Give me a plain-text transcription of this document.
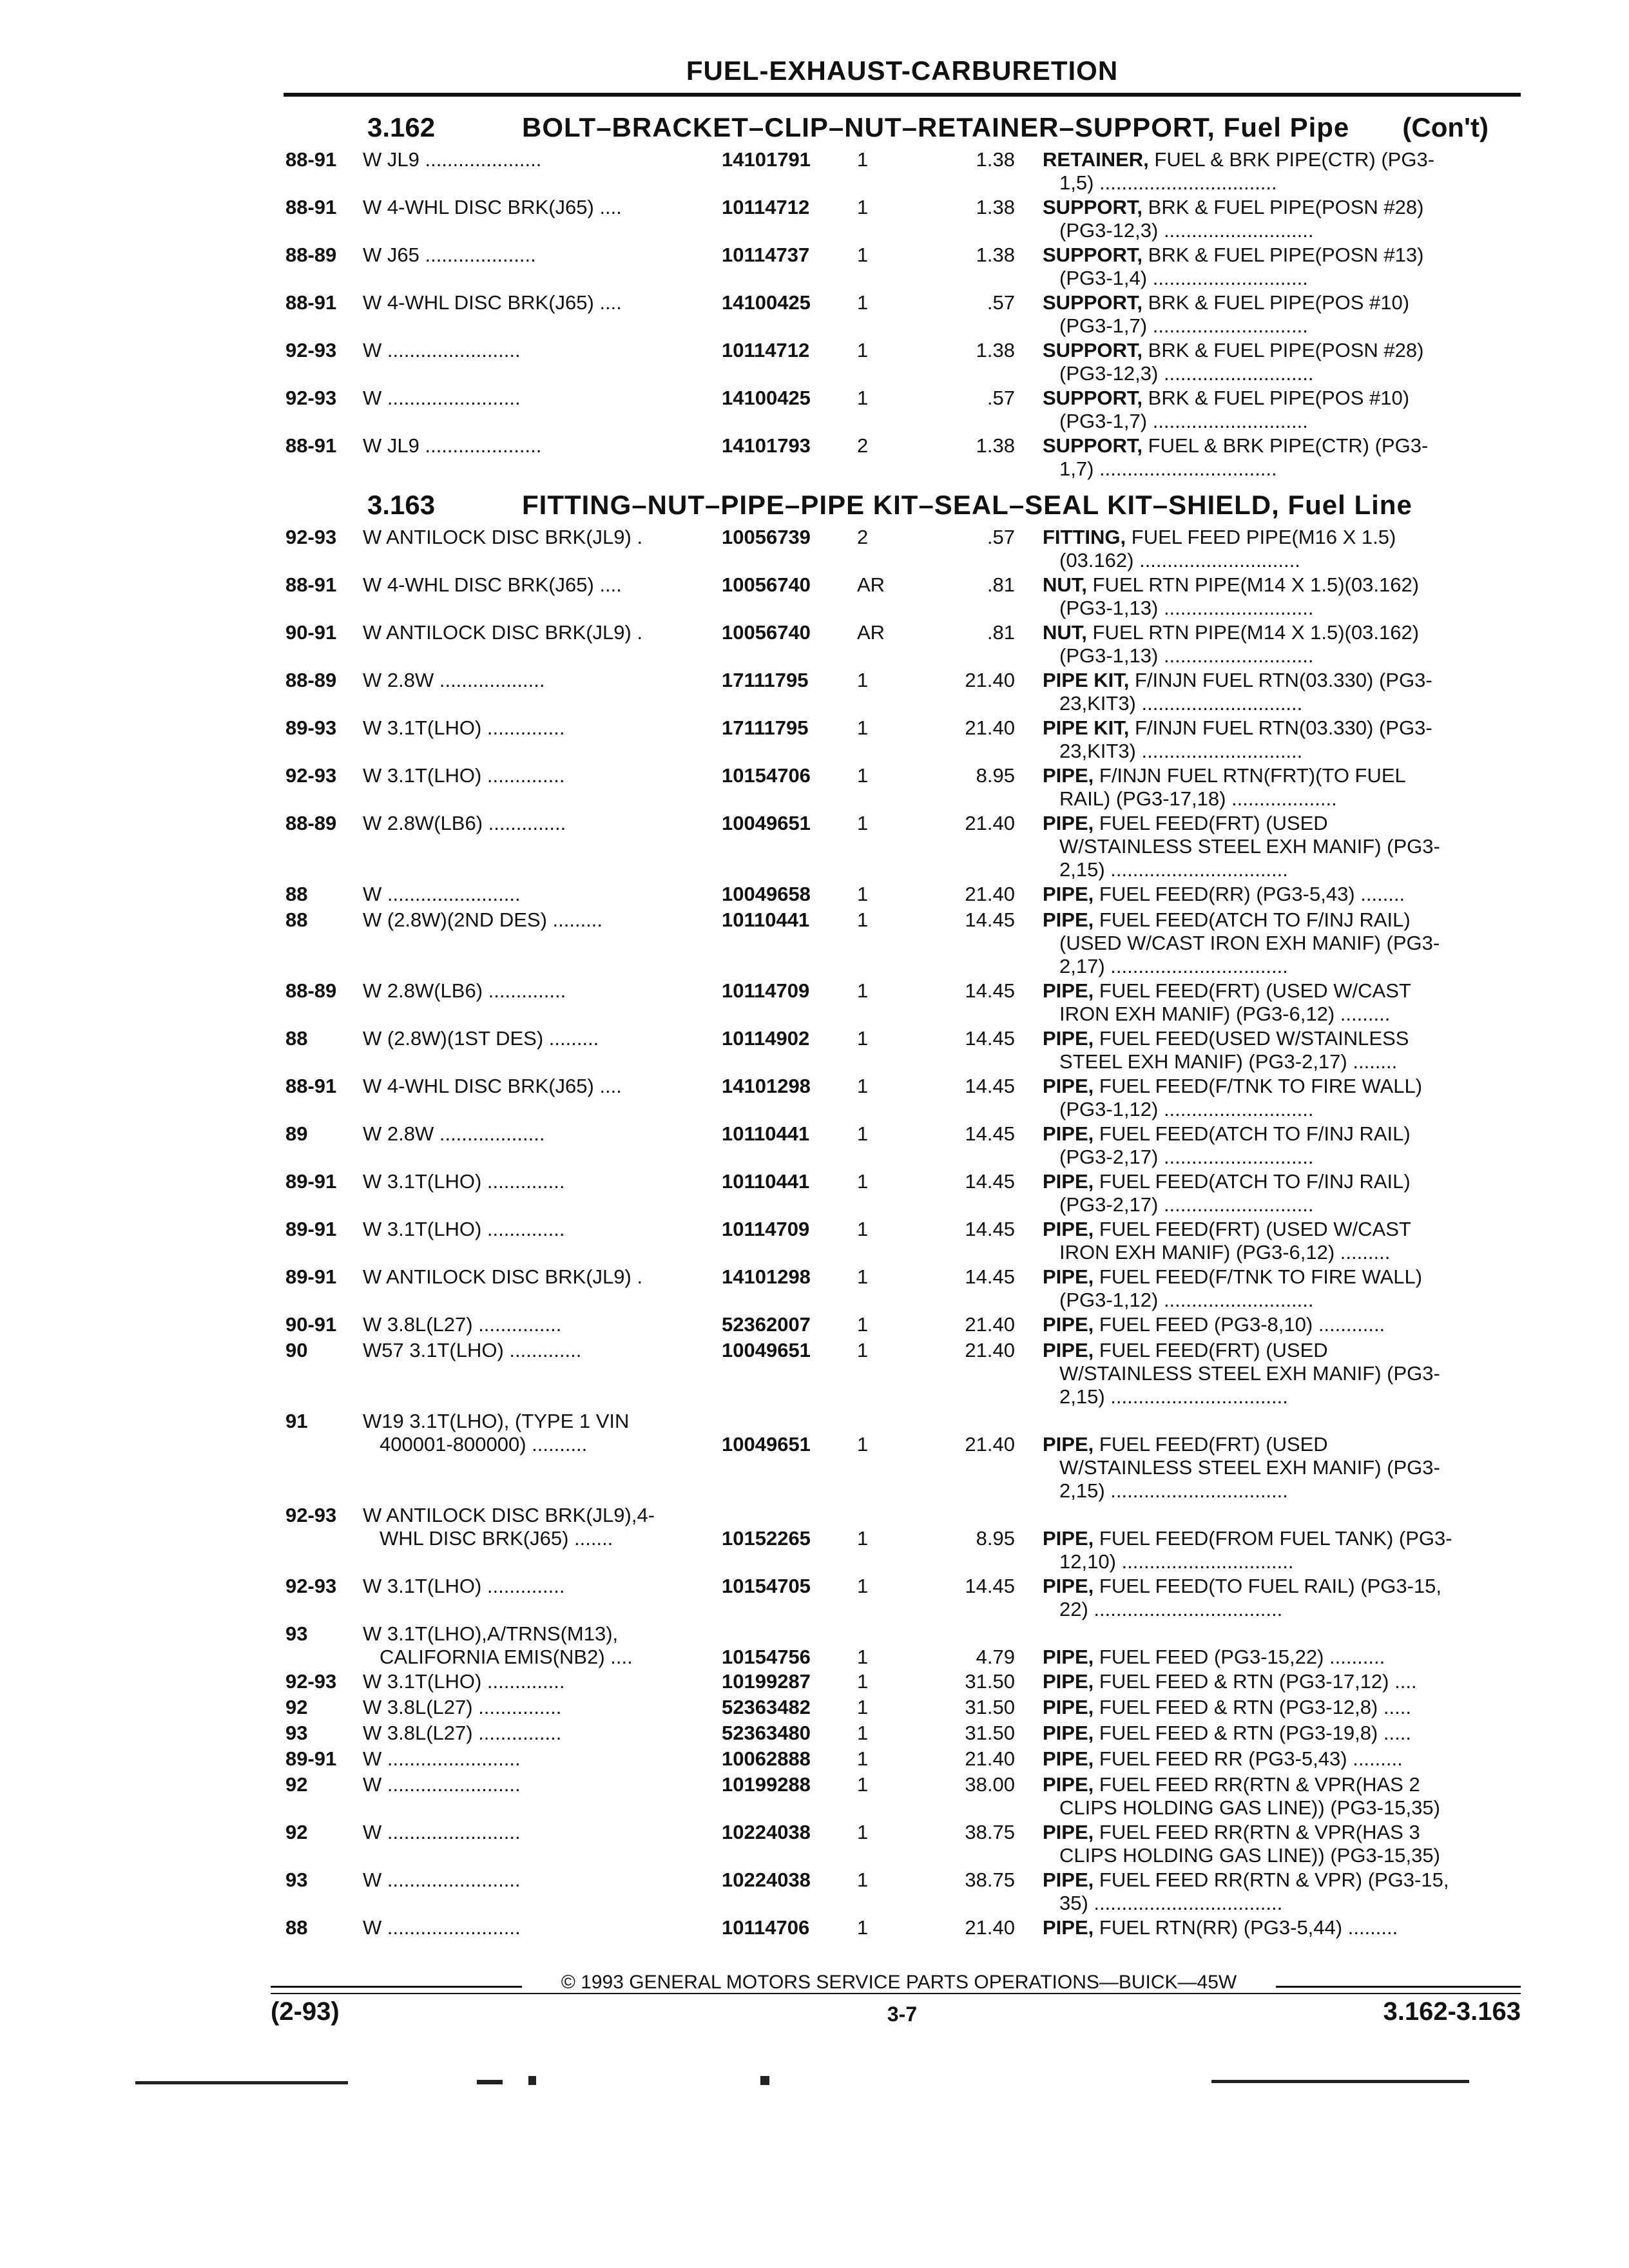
FUEL-EXHAUST-CARBURETION
3.162	BOLT–BRACKET–CLIP–NUT–RETAINER–SUPPORT, Fuel Pipe (Con't)
88-91 W JL9 .....................	14101791 1	1.38 RETAINER, FUEL & BRK PIPE(CTR) (PG3-
1,5) ................................
88-91 W 4-WHL DISC BRK(J65) ....	10114712 1	1.38 SUPPORT, BRK & FUEL PIPE(POSN #28)
(PG3-12,3) ...........................
88-89 W J65 ....................	10114737 1	1.38 SUPPORT, BRK & FUEL PIPE(POSN #13)
(PG3-1,4) ............................
88-91 W 4-WHL DISC BRK(J65) ....	14100425 1	.57 SUPPORT, BRK & FUEL PIPE(POS #10)
(PG3-1,7) ............................
92-93 W ........................	10114712 1	1.38 SUPPORT, BRK & FUEL PIPE(POSN #28)
(PG3-12,3) ...........................
92-93 W ........................	14100425 1	.57 SUPPORT, BRK & FUEL PIPE(POS #10)
(PG3-1,7) ............................
88-91 W JL9 .....................	14101793 2	1.38 SUPPORT, FUEL & BRK PIPE(CTR) (PG3-
1,7) ................................
3.163	FITTING–NUT–PIPE–PIPE KIT–SEAL–SEAL KIT–SHIELD, Fuel Line
92-93 W ANTILOCK DISC BRK(JL9) .	10056739 2	.57 FITTING, FUEL FEED PIPE(M16 X 1.5)
(03.162) .............................
88-91 W 4-WHL DISC BRK(J65) ....	10056740 AR	.81 NUT, FUEL RTN PIPE(M14 X 1.5)(03.162)
(PG3-1,13) ...........................
90-91 W ANTILOCK DISC BRK(JL9) .	10056740 AR	.81 NUT, FUEL RTN PIPE(M14 X 1.5)(03.162)
(PG3-1,13) ...........................
88-89 W 2.8W ...................	17111795 1	21.40 PIPE KIT, F/INJN FUEL RTN(03.330) (PG3-
23,KIT3) .............................
89-93 W 3.1T(LHO) ..............	17111795 1	21.40 PIPE KIT, F/INJN FUEL RTN(03.330) (PG3-
23,KIT3) .............................
92-93 W 3.1T(LHO) ..............	10154706 1	8.95 PIPE, F/INJN FUEL RTN(FRT)(TO FUEL
RAIL) (PG3-17,18) ...................
88-89 W 2.8W(LB6) ..............	10049651 1	21.40 PIPE, FUEL FEED(FRT) (USED
W/STAINLESS STEEL EXH MANIF) (PG3-
2,15) ................................
88	W ........................	10049658 1	21.40 PIPE, FUEL FEED(RR) (PG3-5,43) ........
88	W (2.8W)(2ND DES) .........	10110441 1	14.45 PIPE, FUEL FEED(ATCH TO F/INJ RAIL)
(USED W/CAST IRON EXH MANIF) (PG3-
2,17) ................................
88-89 W 2.8W(LB6) ..............	10114709 1	14.45 PIPE, FUEL FEED(FRT) (USED W/CAST
IRON EXH MANIF) (PG3-6,12) .........
88	W (2.8W)(1ST DES) .........	10114902 1	14.45 PIPE, FUEL FEED(USED W/STAINLESS
STEEL EXH MANIF) (PG3-2,17) ........
88-91 W 4-WHL DISC BRK(J65) ....	14101298 1	14.45 PIPE, FUEL FEED(F/TNK TO FIRE WALL)
(PG3-1,12) ...........................
89	W 2.8W ...................	10110441 1	14.45 PIPE, FUEL FEED(ATCH TO F/INJ RAIL)
(PG3-2,17) ...........................
89-91 W 3.1T(LHO) ..............	10110441 1	14.45 PIPE, FUEL FEED(ATCH TO F/INJ RAIL)
(PG3-2,17) ...........................
89-91 W 3.1T(LHO) ..............	10114709 1	14.45 PIPE, FUEL FEED(FRT) (USED W/CAST
IRON EXH MANIF) (PG3-6,12) .........
89-91 W ANTILOCK DISC BRK(JL9) .	14101298 1	14.45 PIPE, FUEL FEED(F/TNK TO FIRE WALL)
(PG3-1,12) ...........................
90-91 W 3.8L(L27) ...............	52362007 1	21.40 PIPE, FUEL FEED (PG3-8,10) ............
90	W57 3.1T(LHO) .............	10049651 1	21.40 PIPE, FUEL FEED(FRT) (USED
W/STAINLESS STEEL EXH MANIF) (PG3-
2,15) ................................
91	W19 3.1T(LHO), (TYPE 1 VIN
400001-800000) ..........	10049651 1	21.40 PIPE, FUEL FEED(FRT) (USED
W/STAINLESS STEEL EXH MANIF) (PG3-
2,15) ................................
92-93 W ANTILOCK DISC BRK(JL9),4-
WHL DISC BRK(J65) .......	10152265 1	8.95 PIPE, FUEL FEED(FROM FUEL TANK) (PG3-
12,10) ...............................
92-93 W 3.1T(LHO) ..............	10154705 1	14.45 PIPE, FUEL FEED(TO FUEL RAIL) (PG3-15,
22) ..................................
93	W 3.1T(LHO),A/TRNS(M13),
CALIFORNIA EMIS(NB2) ....	10154756 1	4.79 PIPE, FUEL FEED (PG3-15,22) ..........
92-93 W 3.1T(LHO) ..............	10199287 1	31.50 PIPE, FUEL FEED & RTN (PG3-17,12) ....
92	W 3.8L(L27) ...............	52363482 1	31.50 PIPE, FUEL FEED & RTN (PG3-12,8) .....
93	W 3.8L(L27) ...............	52363480 1	31.50 PIPE, FUEL FEED & RTN (PG3-19,8) .....
89-91 W ........................	10062888 1	21.40 PIPE, FUEL FEED RR (PG3-5,43) .........
92	W ........................	10199288 1	38.00 PIPE, FUEL FEED RR(RTN & VPR(HAS 2
CLIPS HOLDING GAS LINE)) (PG3-15,35)
92	W ........................	10224038 1	38.75 PIPE, FUEL FEED RR(RTN & VPR(HAS 3
CLIPS HOLDING GAS LINE)) (PG3-15,35)
93	W ........................	10224038 1	38.75 PIPE, FUEL FEED RR(RTN & VPR) (PG3-15,
35) ..................................
88	W ........................	10114706 1	21.40 PIPE, FUEL RTN(RR) (PG3-5,44) .........
© 1993 GENERAL MOTORS SERVICE PARTS OPERATIONS—BUICK—45W
(2-93)	3-7	3.162-3.163
